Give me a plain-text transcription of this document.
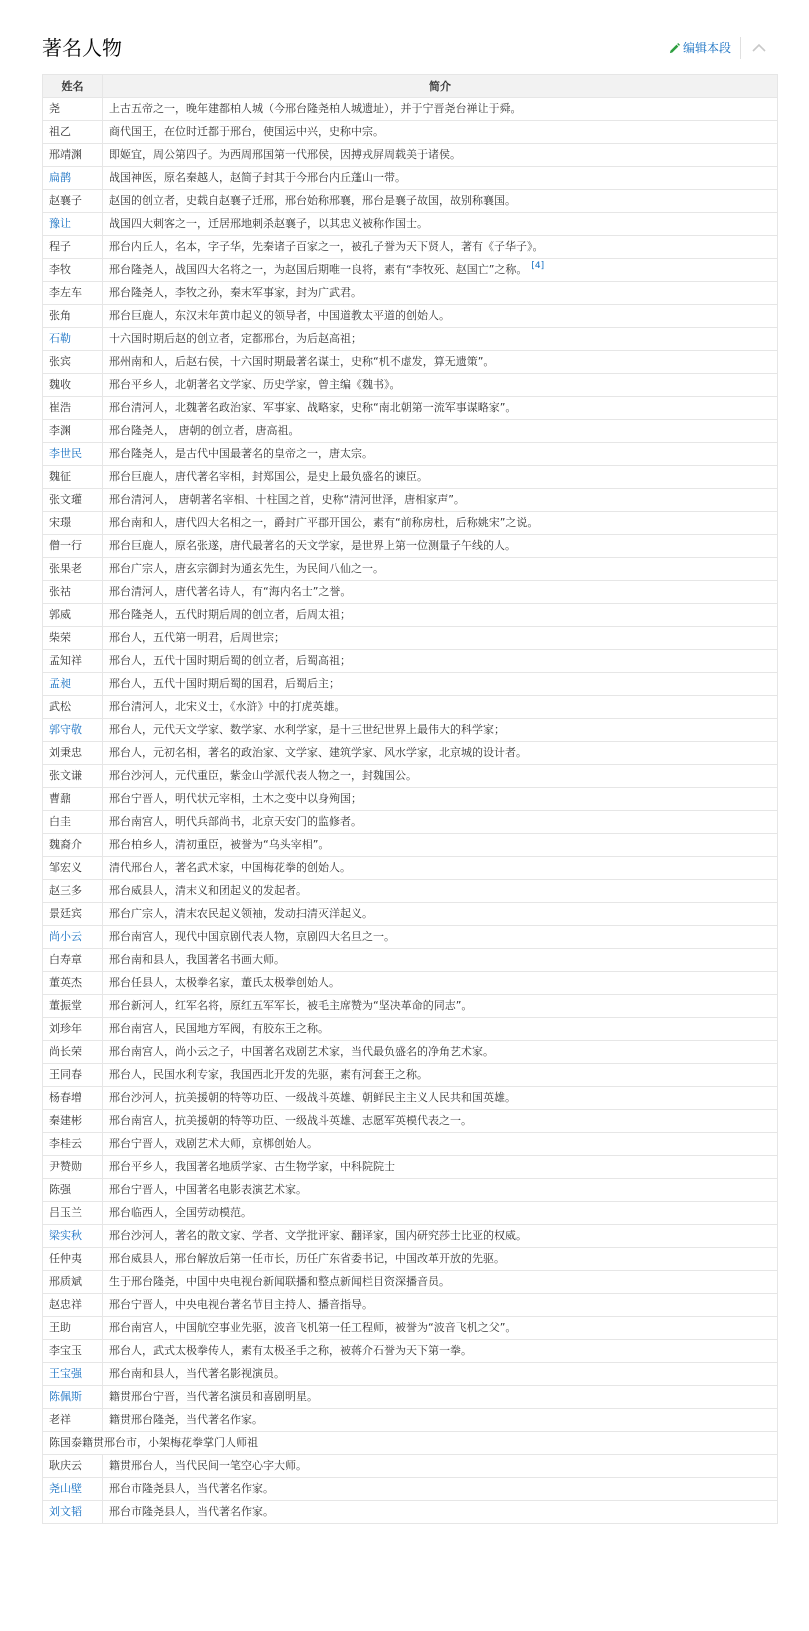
著名人物	编辑本段
姓名	简介
尧	上古五帝之一，晚年建都柏人城（今邢台隆尧柏人城遗址），并于宁晋尧台禅让于舜。
祖乙	商代国王，在位时迁都于邢台，使国运中兴，史称中宗。
邢靖渊	即姬宜，周公第四子。为西周邢国第一代邢侯，因搏戎屏周载美于诸侯。
扁鹊	战国神医，原名秦越人，赵简子封其于今邢台内丘蓬山一带。
赵襄子	赵国的创立者，史载自赵襄子迁邢，邢台始称邢襄，邢台是襄子故国，故别称襄国。
豫让	战国四大刺客之一，迁居邢地刺杀赵襄子，以其忠义被称作国士。
程子	邢台内丘人，名本，字子华，先秦诸子百家之一，被孔子誉为天下贤人，著有《子华子》。
李牧	邢台隆尧人，战国四大名将之一，为赵国后期唯一良将，素有“李牧死、赵国亡”之称。 [4]
李左车	邢台隆尧人，李牧之孙，秦末军事家，封为广武君。
张角	邢台巨鹿人，东汉末年黄巾起义的领导者，中国道教太平道的创始人。
石勒	十六国时期后赵的创立者，定都邢台，为后赵高祖；
张宾	邢州南和人，后赵右侯，十六国时期最著名谋士，史称“机不虚发，算无遗策”。
魏收	邢台平乡人，北朝著名文学家、历史学家，曾主编《魏书》。
崔浩	邢台清河人，北魏著名政治家、军事家、战略家，史称“南北朝第一流军事谋略家”。
李渊	邢台隆尧人， 唐朝的创立者，唐高祖。
李世民	邢台隆尧人，是古代中国最著名的皇帝之一，唐太宗。
魏征	邢台巨鹿人，唐代著名宰相，封郑国公，是史上最负盛名的谏臣。
张文瓘	邢台清河人， 唐朝著名宰相、十柱国之首，史称“清河世泽，唐相家声”。
宋璟	邢台南和人，唐代四大名相之一，爵封广平郡开国公，素有“前称房杜，后称姚宋”之说。
僧一行	邢台巨鹿人，原名张遂，唐代最著名的天文学家，是世界上第一位测量子午线的人。
张果老	邢台广宗人，唐玄宗御封为通玄先生，为民间八仙之一。
张祜	邢台清河人，唐代著名诗人，有“海内名士”之誉。
郭威	邢台隆尧人，五代时期后周的创立者，后周太祖；
柴荣	邢台人，五代第一明君，后周世宗；
孟知祥	邢台人，五代十国时期后蜀的创立者，后蜀高祖；
孟昶	邢台人，五代十国时期后蜀的国君，后蜀后主；
武松	邢台清河人，北宋义士，《水浒》中的打虎英雄。
郭守敬	邢台人，元代天文学家、数学家、水利学家，是十三世纪世界上最伟大的科学家；
刘秉忠	邢台人，元初名相，著名的政治家、文学家、建筑学家、风水学家，北京城的设计者。
张文谦	邢台沙河人，元代重臣，紫金山学派代表人物之一，封魏国公。
曹鼐	邢台宁晋人，明代状元宰相，土木之变中以身殉国；
白圭	邢台南宫人，明代兵部尚书，北京天安门的监修者。
魏裔介	邢台柏乡人，清初重臣，被誉为“乌头宰相”。
邹宏义	清代邢台人，著名武术家，中国梅花拳的创始人。
赵三多	邢台威县人，清末义和团起义的发起者。
景廷宾	邢台广宗人，清末农民起义领袖，发动扫清灭洋起义。
尚小云	邢台南宫人，现代中国京剧代表人物，京剧四大名旦之一。
白寿章	邢台南和县人，我国著名书画大师。
董英杰	邢台任县人，太极拳名家，董氏太极拳创始人。
董振堂	邢台新河人，红军名将，原红五军军长，被毛主席赞为“坚决革命的同志”。
刘珍年	邢台南宫人，民国地方军阀，有胶东王之称。
尚长荣	邢台南宫人，尚小云之子，中国著名戏剧艺术家，当代最负盛名的净角艺术家。
王同春	邢台人，民国水利专家，我国西北开发的先驱，素有河套王之称。
杨春增	邢台沙河人，抗美援朝的特等功臣、一级战斗英雄、朝鲜民主主义人民共和国英雄。
秦建彬	邢台南宫人，抗美援朝的特等功臣、一级战斗英雄、志愿军英模代表之一。
李桂云	邢台宁晋人，戏剧艺术大师，京梆创始人。
尹赞勋	邢台平乡人，我国著名地质学家、古生物学家，中科院院士
陈强	邢台宁晋人，中国著名电影表演艺术家。
吕玉兰	邢台临西人，全国劳动模范。
梁实秋	邢台沙河人，著名的散文家、学者、文学批评家、翻译家，国内研究莎士比亚的权威。
任仲夷	邢台威县人，邢台解放后第一任市长，历任广东省委书记，中国改革开放的先驱。
邢质斌	生于邢台隆尧，中国中央电视台新闻联播和整点新闻栏目资深播音员。
赵忠祥	邢台宁晋人，中央电视台著名节目主持人、播音指导。
王助	邢台南宫人，中国航空事业先驱，波音飞机第一任工程师，被誉为“波音飞机之父”。
李宝玉	邢台人，武式太极拳传人，素有太极圣手之称，被蒋介石誉为天下第一拳。
王宝强	邢台南和县人，当代著名影视演员。
陈佩斯	籍贯邢台宁晋，当代著名演员和喜剧明星。
老祥	籍贯邢台隆尧，当代著名作家。
陈国泰籍贯邢台市，小架梅花拳掌门人师祖	
耿庆云	籍贯邢台人，当代民间一笔空心字大师。
尧山壁	邢台市隆尧县人，当代著名作家。
刘文韬	邢台市隆尧县人，当代著名作家。
